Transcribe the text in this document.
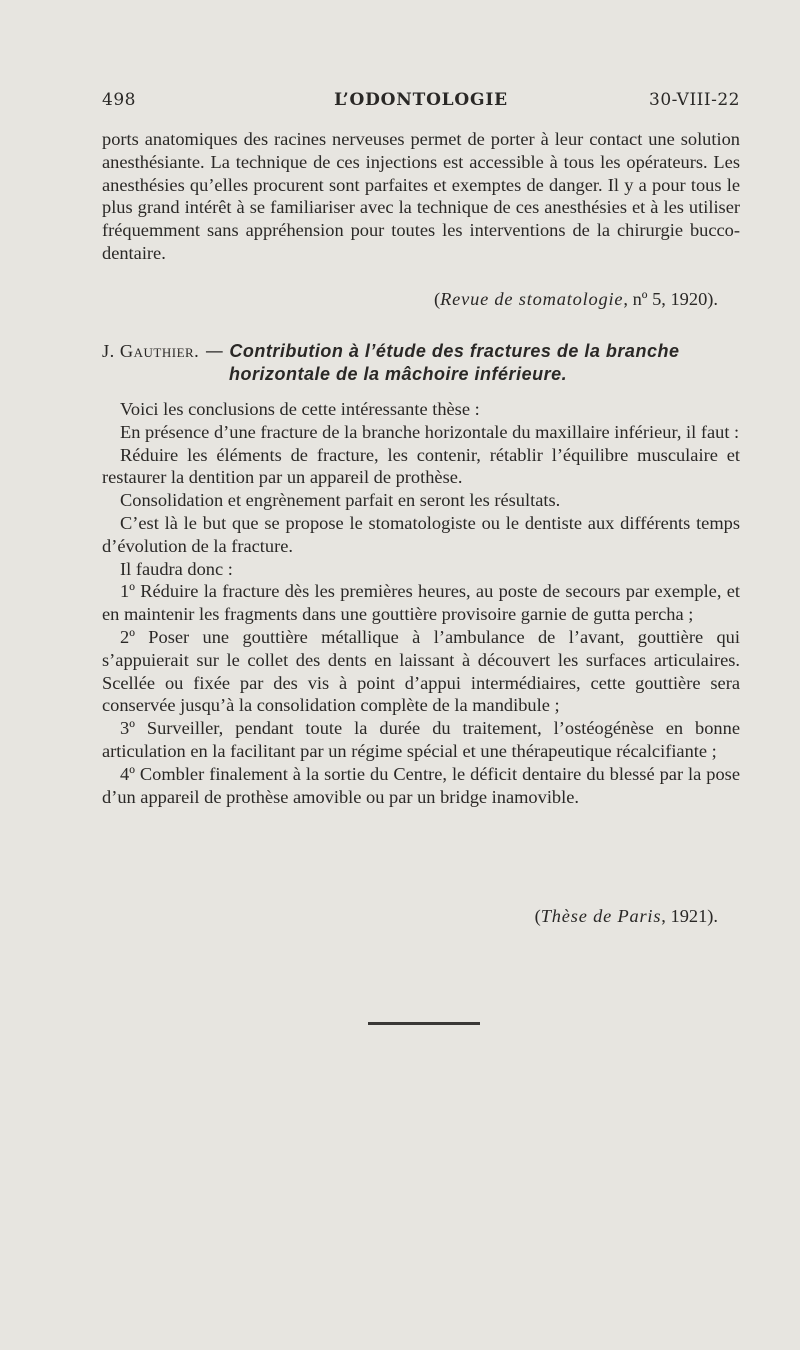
498	L’ODONTOLOGIE	30-VIII-22

ports anatomiques des racines nerveuses permet de porter à leur contact une solution anesthésiante. La technique de ces injections est accessible à tous les opérateurs. Les anesthésies qu’elles procurent sont parfaites et exemptes de danger. Il y a pour tous le plus grand intérêt à se familiariser avec la technique de ces anesthésies et à les utiliser fréquemment sans appréhension pour toutes les interventions de la chirurgie bucco-dentaire.

(Revue de stomatologie, nº 5, 1920).
J. Gauthier. — Contribution à l’étude des fractures de la branche
horizontale de la mâchoire inférieure.

Voici les conclusions de cette intéressante thèse :

En présence d’une fracture de la branche horizontale du maxillaire inférieur, il faut :

Réduire les éléments de fracture, les contenir, rétablir l’équilibre musculaire et restaurer la dentition par un appareil de prothèse.

Consolidation et engrènement parfait en seront les résultats.

C’est là le but que se propose le stomatologiste ou le dentiste aux différents temps d’évolution de la fracture.

Il faudra donc :

1º Réduire la fracture dès les premières heures, au poste de secours par exemple, et en maintenir les fragments dans une gouttière provisoire garnie de gutta percha ;

2º Poser une gouttière métallique à l’ambulance de l’avant, gouttière qui s’appuierait sur le collet des dents en laissant à découvert les surfaces articulaires. Scellée ou fixée par des vis à point d’appui intermédiaires, cette gouttière sera conservée jusqu’à la consolidation complète de la mandibule ;

3º Surveiller, pendant toute la durée du traitement, l’ostéogénèse en bonne articulation en la facilitant par un régime spécial et une thérapeutique récalcifiante ;

4º Combler finalement à la sortie du Centre, le déficit dentaire du blessé par la pose d’un appareil de prothèse amovible ou par un bridge inamovible.

(Thèse de Paris, 1921).
